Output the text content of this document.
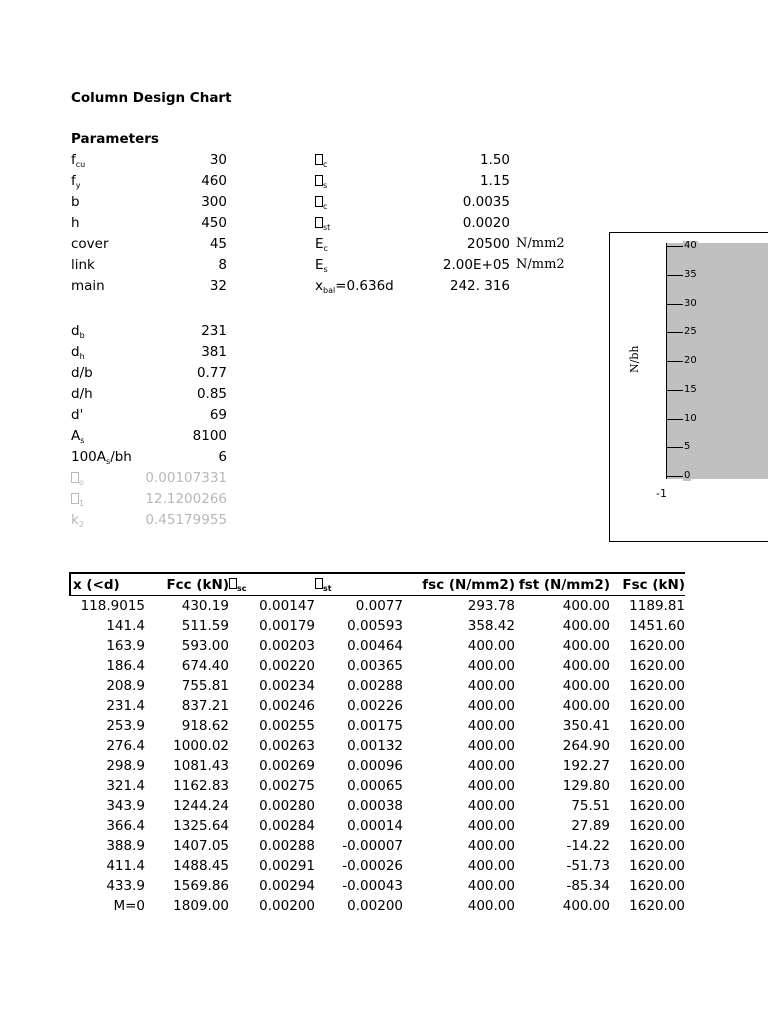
Column Design Chart
Parameters
$f_{cu}$	30
$f_y$	460
b	300
h	450
cover	45
link	8
main	32
$_c$	1.50
$_s$	1.15
$_c$	0.0035
$_{st}$	0.0020
$E_c$	20500 N/mm2
$E_s$	2.00E+05 N/mm2
$x_{bal}=0.636d$	242. 316
$d_b$	231
$d_h$	381
d/b	0.77
d/h	0.85
d'	69
$A_s$	8100
$100A_s/bh$	6
$_o$	0.00107331
$_1$	12.1200266
$k_2$	0.45179955
N/bh
40
35
30
25
20
15
10
5
0
-1
x (<d)	Fcc (kN)	$_{sc}$	$_{st}$	fsc (N/mm2)	fst (N/mm2)	Fsc (kN)
118.9015	430.19	0.00147	0.0077	293.78	400.00	1189.81
141.4	511.59	0.00179	0.00593	358.42	400.00	1451.60
163.9	593.00	0.00203	0.00464	400.00	400.00	1620.00
186.4	674.40	0.00220	0.00365	400.00	400.00	1620.00
208.9	755.81	0.00234	0.00288	400.00	400.00	1620.00
231.4	837.21	0.00246	0.00226	400.00	400.00	1620.00
253.9	918.62	0.00255	0.00175	400.00	350.41	1620.00
276.4	1000.02	0.00263	0.00132	400.00	264.90	1620.00
298.9	1081.43	0.00269	0.00096	400.00	192.27	1620.00
321.4	1162.83	0.00275	0.00065	400.00	129.80	1620.00
343.9	1244.24	0.00280	0.00038	400.00	75.51	1620.00
366.4	1325.64	0.00284	0.00014	400.00	27.89	1620.00
388.9	1407.05	0.00288	-0.00007	400.00	-14.22	1620.00
411.4	1488.45	0.00291	-0.00026	400.00	-51.73	1620.00
433.9	1569.86	0.00294	-0.00043	400.00	-85.34	1620.00
M=0	1809.00	0.00200	0.00200	400.00	400.00	1620.00
